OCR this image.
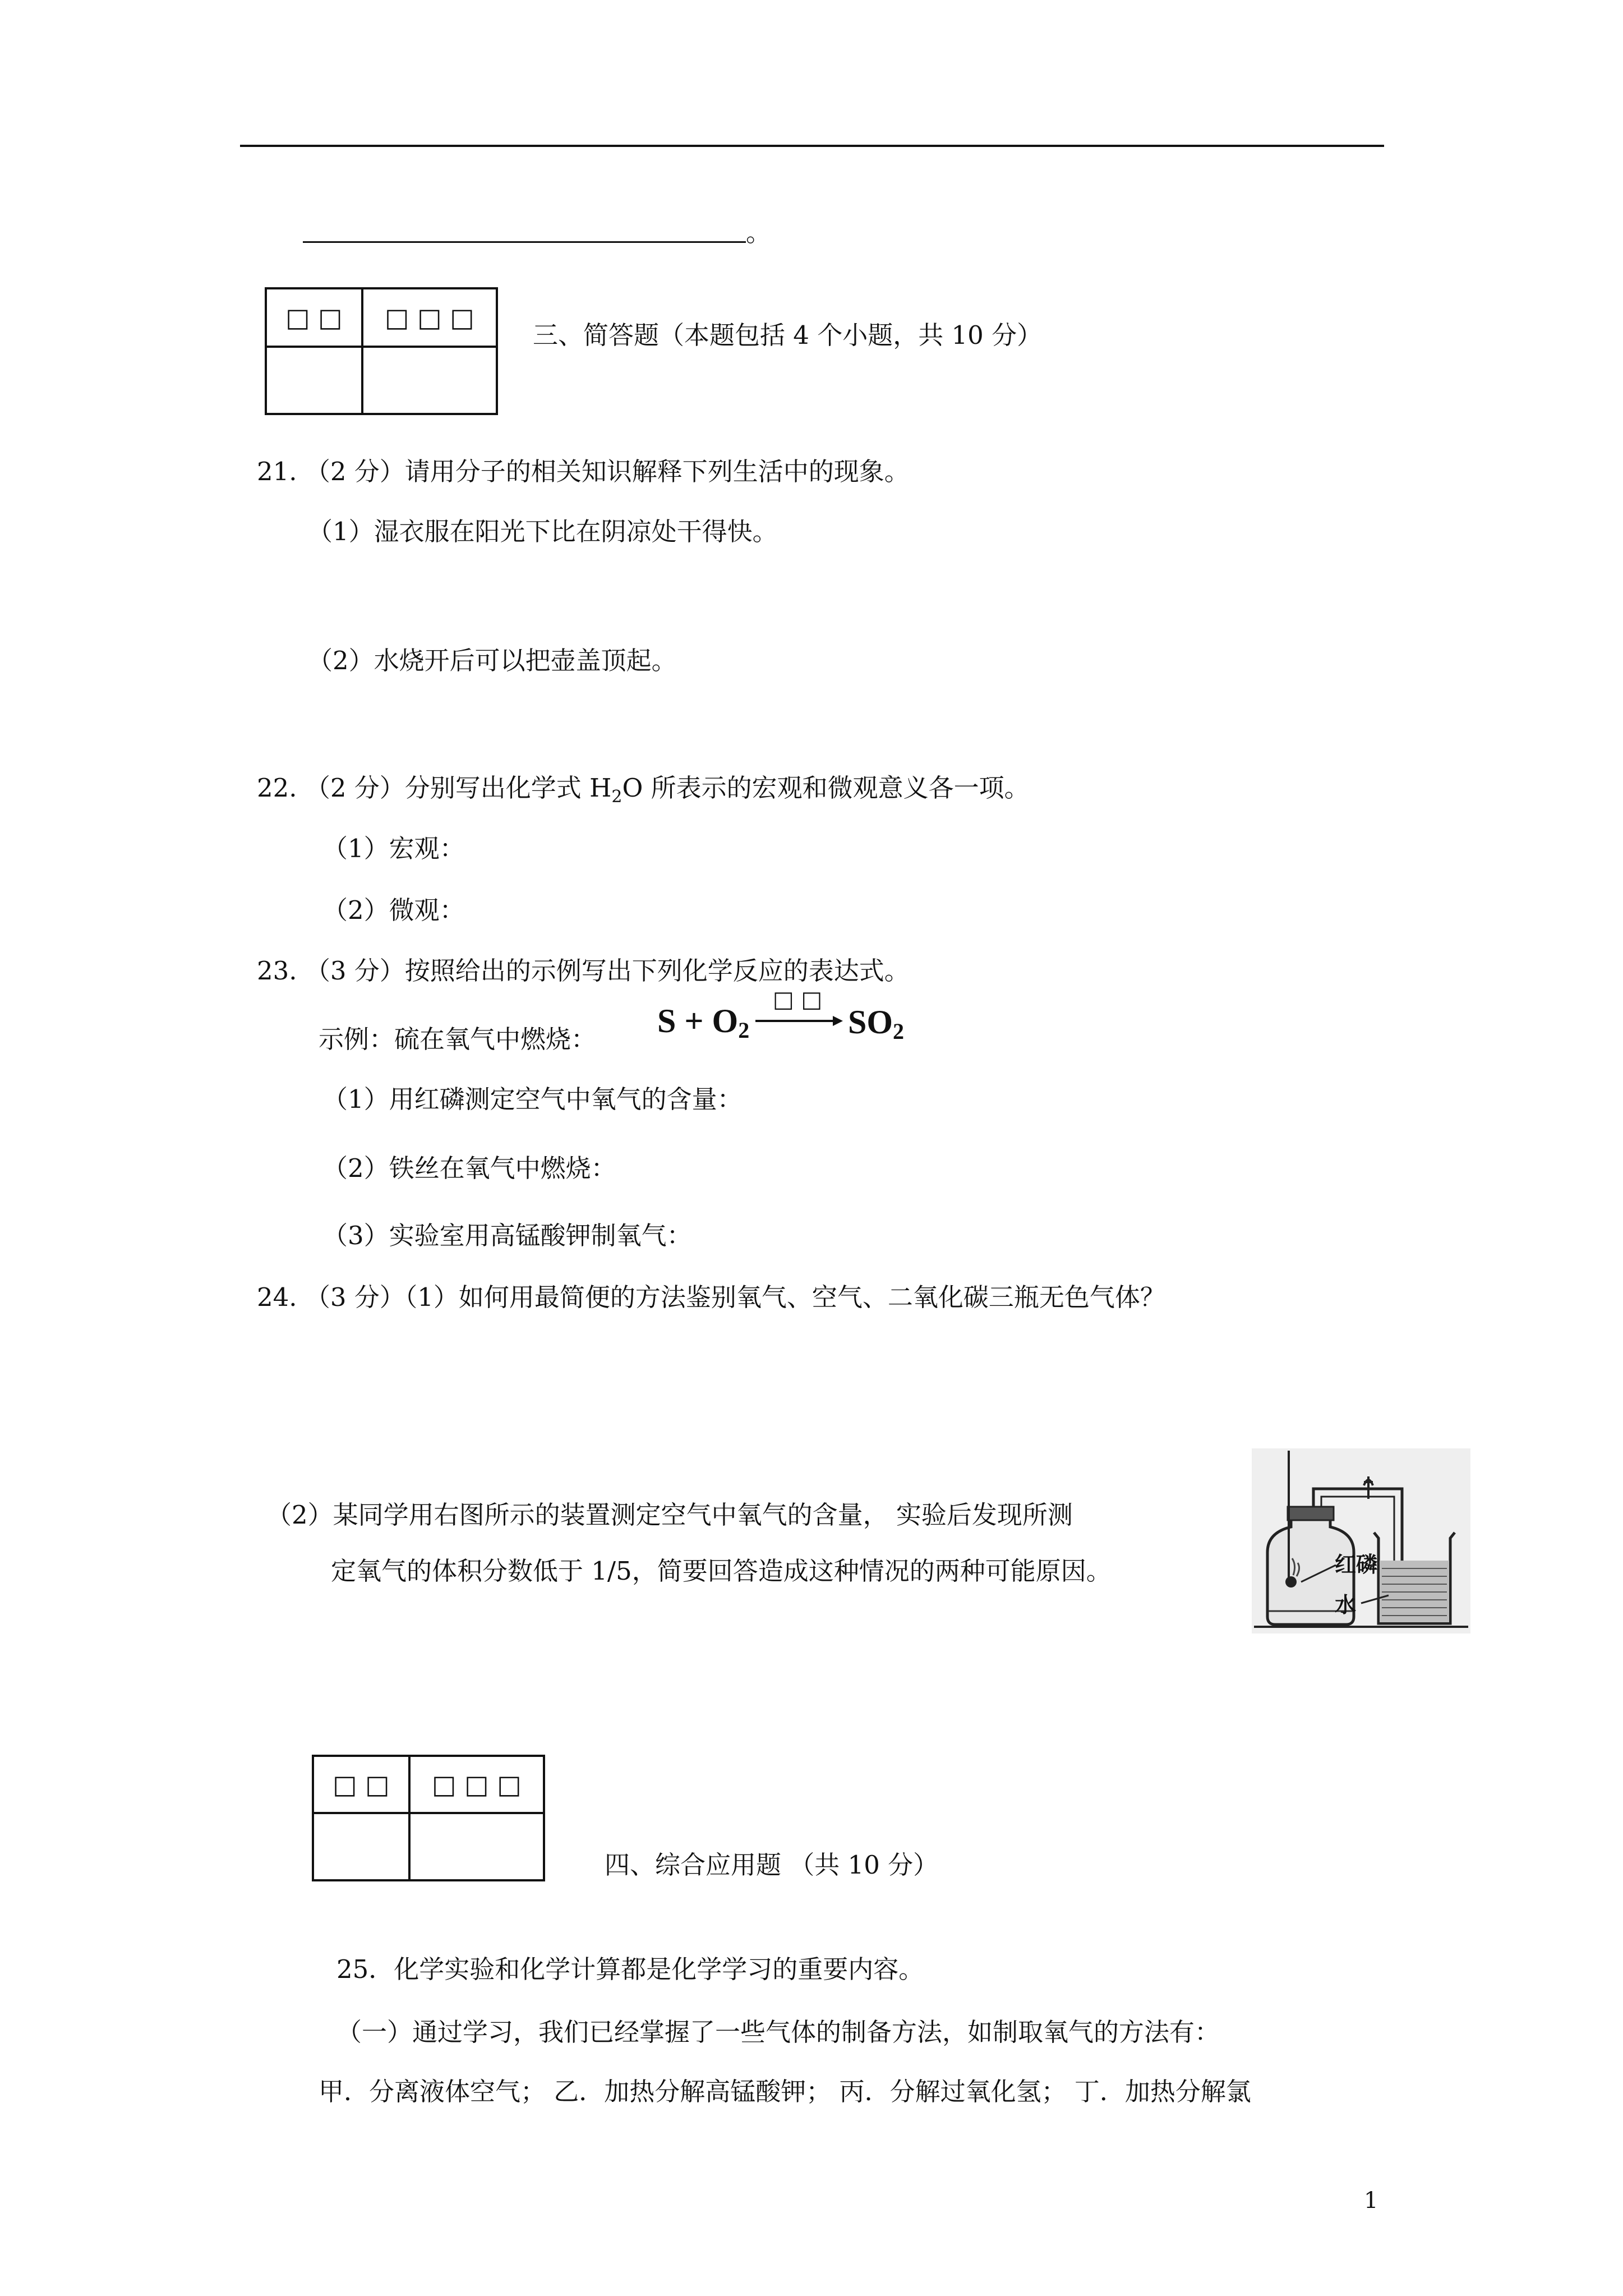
。
□ □	□ □ □

三、简答题（本题包括 4 个小题，共 10 分）
21. （2 分）请用分子的相关知识解释下列生活中的现象。
（1）湿衣服在阳光下比在阴凉处干得快。
（2）水烧开后可以把壶盖顶起。
22. （2 分）分别写出化学式 $H_2O$ 所表示的宏观和微观意义各一项。
（1）宏观：
（2）微观：
23. （3 分）按照给出的示例写出下列化学反应的表达式。
示例：硫在氧气中燃烧： $S + O_2$
□ □
$SO_2$
（1）用红磷测定空气中氧气的含量：
（2）铁丝在氧气中燃烧：
（3）实验室用高锰酸钾制氧气：
24. （3 分）（1）如何用最简便的方法鉴别氧气、空气、二氧化碳三瓶无色气体？
（2）某同学用右图所示的装置测定空气中氧气的含量， 实验后发现所测
定氧气的体积分数低于 1/5，简要回答造成这种情况的两种可能原因。	红磷
水
□ □	□ □ □

四、综合应用题 （共 10 分）
25．化学实验和化学计算都是化学学习的重要内容。
（一）通过学习，我们已经掌握了一些气体的制备方法，如制取氧气的方法有：
甲．分离液体空气； 乙．加热分解高锰酸钾； 丙．分解过氧化氢； 丁．加热分解氯
1
